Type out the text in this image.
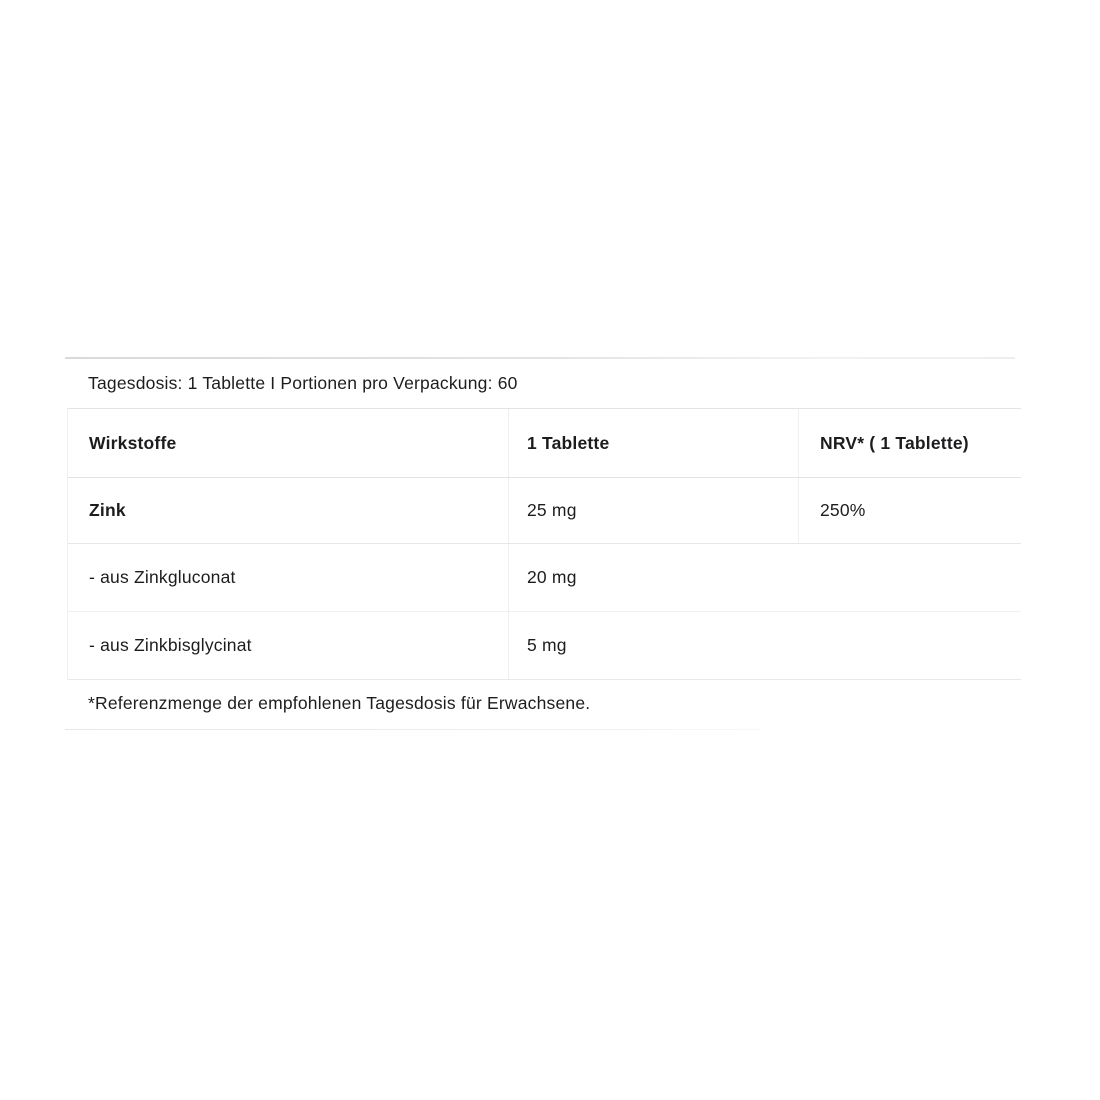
Tagesdosis: 1 Tablette I Portionen pro Verpackung: 60
Wirkstoffe	1 Tablette	NRV* ( 1 Tablette)
Zink	25 mg	250%
- aus Zinkgluconat	20 mg
- aus Zinkbisglycinat	5 mg
*Referenzmenge der empfohlenen Tagesdosis für Erwachsene.
